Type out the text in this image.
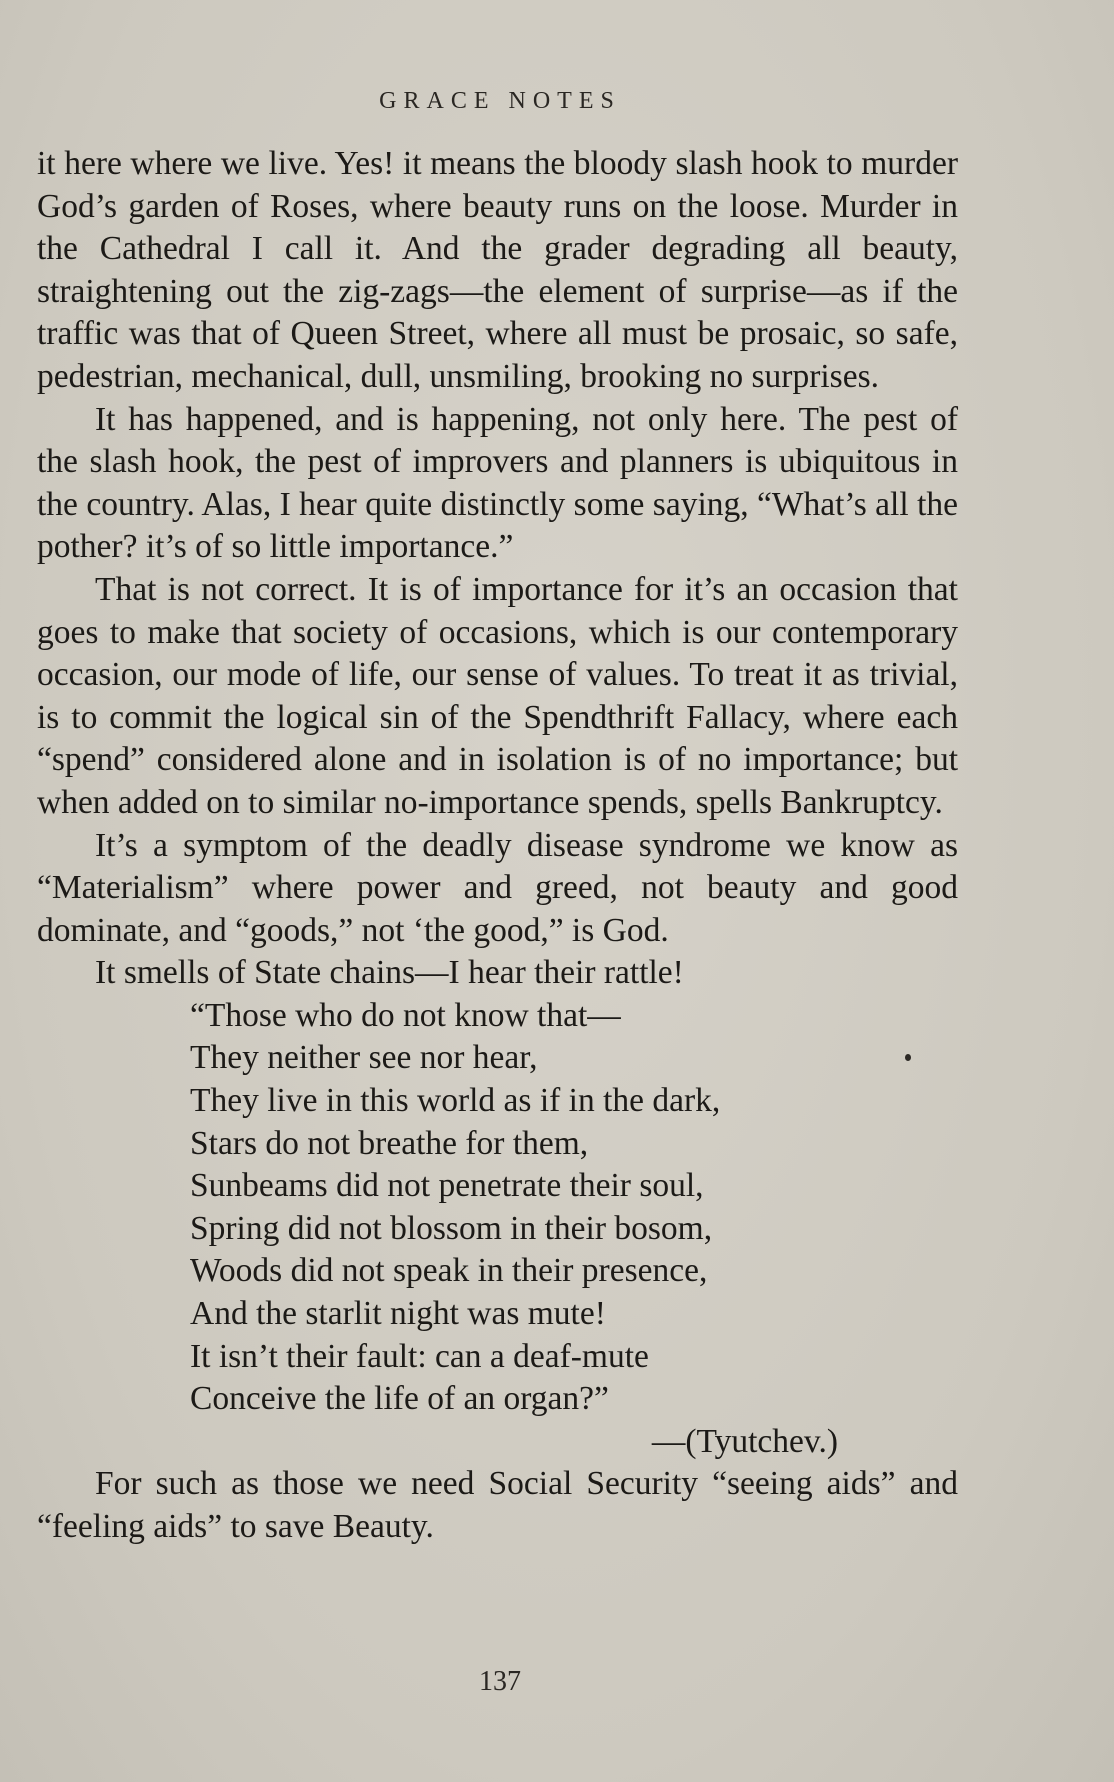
GRACE NOTES

it here where we live. Yes! it means the bloody slash hook to murder God’s garden of Roses, where beauty runs on the loose. Murder in the Cathedral I call it. And the grader degrading all beauty, straightening out the zig-zags—the element of surprise—as if the traffic was that of Queen Street, where all must be prosaic, so safe, pedestrian, mechanical, dull, unsmiling, brooking no surprises.

It has happened, and is happening, not only here. The pest of the slash hook, the pest of improvers and planners is ubiquitous in the country. Alas, I hear quite distinctly some saying, “What’s all the pother? it’s of so little importance.”

That is not correct. It is of importance for it’s an occasion that goes to make that society of occasions, which is our contemporary occasion, our mode of life, our sense of values. To treat it as trivial, is to commit the logical sin of the Spendthrift Fallacy, where each “spend” considered alone and in isolation is of no importance; but when added on to similar no-importance spends, spells Bankruptcy.

It’s a symptom of the deadly disease syndrome we know as “Materialism” where power and greed, not beauty and good dominate, and “goods,” not ‘the good,” is God.

It smells of State chains—I hear their rattle!

“Those who do not know that—
They neither see nor hear,
They live in this world as if in the dark,
Stars do not breathe for them,
Sunbeams did not penetrate their soul,
Spring did not blossom in their bosom,
Woods did not speak in their presence,
And the starlit night was mute!
It isn’t their fault: can a deaf-mute
Conceive the life of an organ?”
—(Tyutchev.)

For such as those we need Social Security “seeing aids” and “feeling aids” to save Beauty.

137
